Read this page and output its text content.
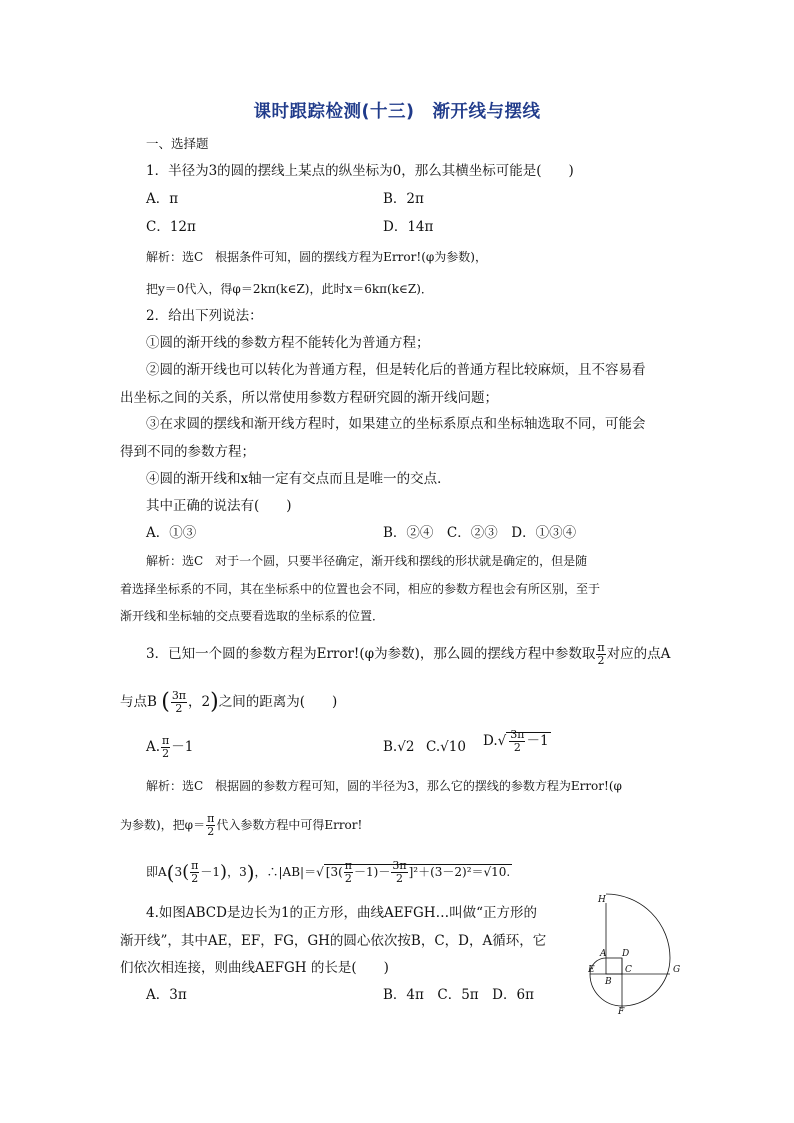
课时跟踪检测(十三)　渐开线与摆线
一、选择题
1．半径为3的圆的摆线上某点的纵坐标为0，那么其横坐标可能是(　　)
A．π	B．2π
C．12π	D．14π
解析：选C　根据条件可知，圆的摆线方程为Error!(φ为参数)，
把y＝0代入，得φ＝2kπ(k∈Z)，此时x＝6kπ(k∈Z)．
2．给出下列说法：
①圆的渐开线的参数方程不能转化为普通方程；
②圆的渐开线也可以转化为普通方程，但是转化后的普通方程比较麻烦，且不容易看
出坐标之间的关系，所以常使用参数方程研究圆的渐开线问题；
③在求圆的摆线和渐开线方程时，如果建立的坐标系原点和坐标轴选取不同，可能会
得到不同的参数方程；
④圆的渐开线和x轴一定有交点而且是唯一的交点．
其中正确的说法有(　　)
A．①③	B．②④　C．②③　D．①③④
解析：选C　对于一个圆，只要半径确定，渐开线和摆线的形状就是确定的，但是随
着选择坐标系的不同，其在坐标系中的位置也会不同，相应的参数方程也会有所区别，至于
渐开线和坐标轴的交点要看选取的坐标系的位置．
3．已知一个圆的参数方程为Error!(φ为参数)，那么圆的摆线方程中参数取 $\frac{\pi}{2}$ 对应的点A
与点B ( $\frac{3\pi}{2}$ ，2)之间的距离为(　　)
A. $\frac{\pi}{2} -1$	B.√2 C.√10 $D.√ \frac{3\pi}{2} -1$
解析：选C　根据圆的参数方程可知，圆的半径为3，那么它的摆线的参数方程为Error!(φ
为参数)，把$\varphi= \frac{\pi}{2}$ 代入参数方程中可得Error!
即$A(3( \frac{\pi}{2} -1)$，3)，∴|AB|＝√ $[3( \frac{\pi}{2} -1)- \frac{3\pi}{2} ]^2+(3-2)^2=√10$.
4.如图ABCD是边长为1的正方形，曲线AEFGH…叫做“正方形的
渐开线”，其中AE，EF，FG，GH的圆心依次按B，C，D，A循环，它
们依次相连接，则曲线AEFGH 的长是(　　)
A．3π	B．4π　C．5π　D．6π
H
A D
E	C	G
B
F
